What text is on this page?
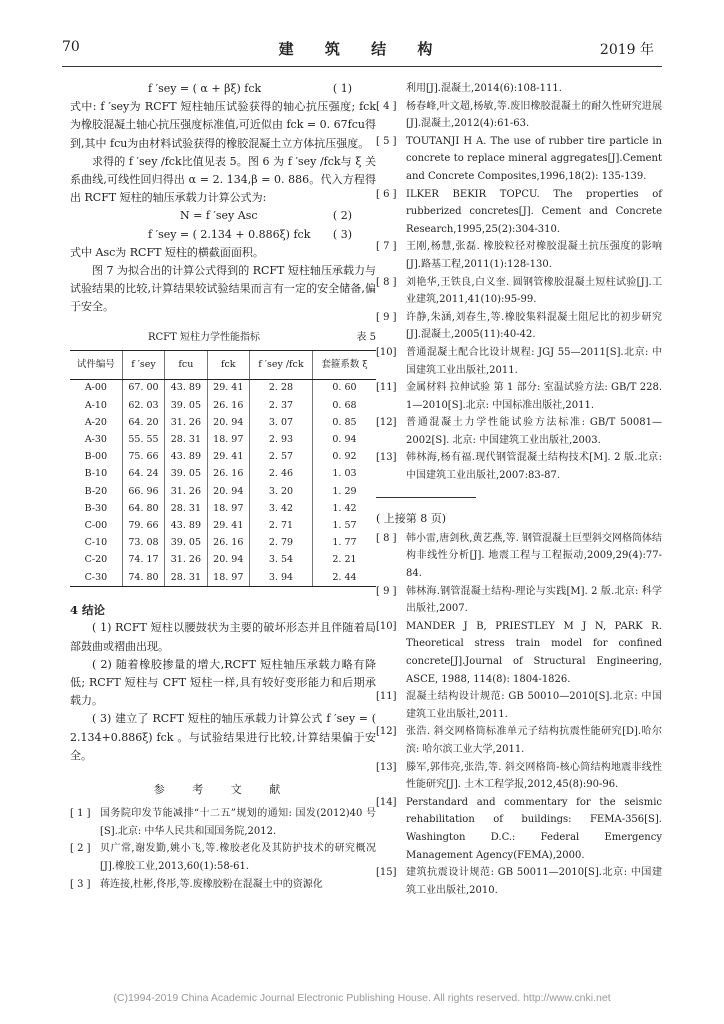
70	建 筑 结 构	2019 年
f ′sey = ( α + βξ) fck	( 1)

式中: f ′sey为 RCFT 短柱轴压试验获得的轴心抗压强度; fck为橡胶混凝土轴心抗压强度标准值,可近似由 fck = 0. 67fcu得到,其中 fcu为由材料试验获得的橡胶混凝土立方体抗压强度。

求得的 f ′sey /fck比值见表 5。图 6 为 f ′sey /fck与 ξ 关系曲线,可线性回归得出 α = 2. 134,β = 0. 886。代入方程得出 RCFT 短柱的轴压承载力计算公式为:

N = f ′sey Asc	( 2)
f ′sey = ( 2.134 + 0.886ξ) fck ( 3)

式中 Asc为 RCFT 短柱的横截面面积。

图 7 为拟合出的计算公式得到的 RCFT 短柱轴压承载力与试验结果的比较,计算结果较试验结果而言有一定的安全储备,偏于安全。

RCFT 短柱力学性能指标	表 5
试件编号	f ′sey	fcu	fck	f ′sey /fck	套箍系数 ξ
A-00	67. 00	43. 89	29. 41	2. 28	0. 60
A-10	62. 03	39. 05	26. 16	2. 37	0. 68
A-20	64. 20	31. 26	20. 94	3. 07	0. 85
A-30	55. 55	28. 31	18. 97	2. 93	0. 94
B-00	75. 66	43. 89	29. 41	2. 57	0. 92
B-10	64. 24	39. 05	26. 16	2. 46	1. 03
B-20	66. 96	31. 26	20. 94	3. 20	1. 29
B-30	64. 80	28. 31	18. 97	3. 42	1. 42
C-00	79. 66	43. 89	29. 41	2. 71	1. 57
C-10	73. 08	39. 05	26. 16	2. 79	1. 77
C-20	74. 17	31. 26	20. 94	3. 54	2. 21
C-30	74. 80	28. 31	18. 97	3. 94	2. 44
4 结论

( 1) RCFT 短柱以腰鼓状为主要的破坏形态并且伴随着局部鼓曲或褶曲出现。

( 2) 随着橡胶掺量的增大,RCFT 短柱轴压承载力略有降低; RCFT 短柱与 CFT 短柱一样,具有较好变形能力和后期承载力。

( 3) 建立了 RCFT 短柱的轴压承载力计算公式 f ′sey = ( 2.134+0.886ξ) fck 。与试验结果进行比较,计算结果偏于安全。

参 考 文 献
[ 1 ] 国务院印发节能减排“十二五”规划的通知: 国发(2012)40 号[S].北京: 中华人民共和国国务院,2012.
[ 2 ] 贝广常,谢发勤,姚小飞,等.橡胶老化及其防护技术的研究概况[J].橡胶工业,2013,60(1):58-61.
[ 3 ] 蒋连接,杜彬,佟彤,等.废橡胶粉在混凝土中的资源化
利用[J].混凝土,2014(6):108-111.
[ 4 ] 杨春峰,叶文超,杨敏,等.废旧橡胶混凝土的耐久性研究进展[J].混凝土,2012(4):61-63.
[ 5 ] TOUTANJI H A. The use of rubber tire particle in concrete to replace mineral aggregates[J].Cement and Concrete Composites,1996,18(2): 135-139.
[ 6 ] ILKER BEKIR TOPCU. The properties of rubberized concretes[J]. Cement and Concrete Research,1995,25(2):304-310.
[ 7 ] 王刚,杨慧,张磊. 橡胶粒径对橡胶混凝土抗压强度的影响[J].路基工程,2011(1):128-130.
[ 8 ] 刘艳华,王铁良,白义奎. 圆钢管橡胶混凝土短柱试验[J].工业建筑,2011,41(10):95-99.
[ 9 ] 许静,朱涵,刘春生,等.橡胶集料混凝土阻尼比的初步研究[J].混凝土,2005(11):40-42.
[10] 普通混凝土配合比设计规程: JGJ 55—2011[S].北京: 中国建筑工业出版社,2011.
[11] 金属材料 拉伸试验 第 1 部分: 室温试验方法: GB/T 228. 1—2010[S].北京: 中国标准出版社,2011.
[12] 普通混凝土力学性能试验方法标准: GB/T 50081—2002[S]. 北京: 中国建筑工业出版社,2003.
[13] 韩林海,杨有福.现代钢管混凝土结构技术[M]. 2 版.北京: 中国建筑工业出版社,2007:83-87.
( 上接第 8 页)
[ 8 ] 韩小雷,唐剑秋,黄艺燕,等. 钢管混凝土巨型斜交网格筒体结构非线性分析[J]. 地震工程与工程振动,2009,29(4):77-84.
[ 9 ] 韩林海.钢管混凝土结构-理论与实践[M]. 2 版.北京: 科学出版社,2007.
[10] MANDER J B, PRIESTLEY M J N, PARK R. Theoretical stress train model for confined concrete[J].Journal of Structural Engineering, ASCE, 1988, 114(8): 1804-1826.
[11] 混凝土结构设计规范: GB 50010—2010[S].北京: 中国建筑工业出版社,2011.
[12] 张浩. 斜交网格筒标准单元子结构抗震性能研究[D].哈尔滨: 哈尔滨工业大学,2011.
[13] 滕军,郭伟亮,张浩,等. 斜交网格筒-核心筒结构地震非线性性能研究[J]. 土木工程学报,2012,45(8):90-96.
[14] Perstandard and commentary for the seismic rehabilitation of buildings: FEMA-356[S]. Washington D.C.: Federal Emergency Management Agency(FEMA),2000.
[15] 建筑抗震设计规范: GB 50011—2010[S].北京: 中国建筑工业出版社,2010.
(C)1994-2019 China Academic Journal Electronic Publishing House. All rights reserved. http://www.cnki.net
